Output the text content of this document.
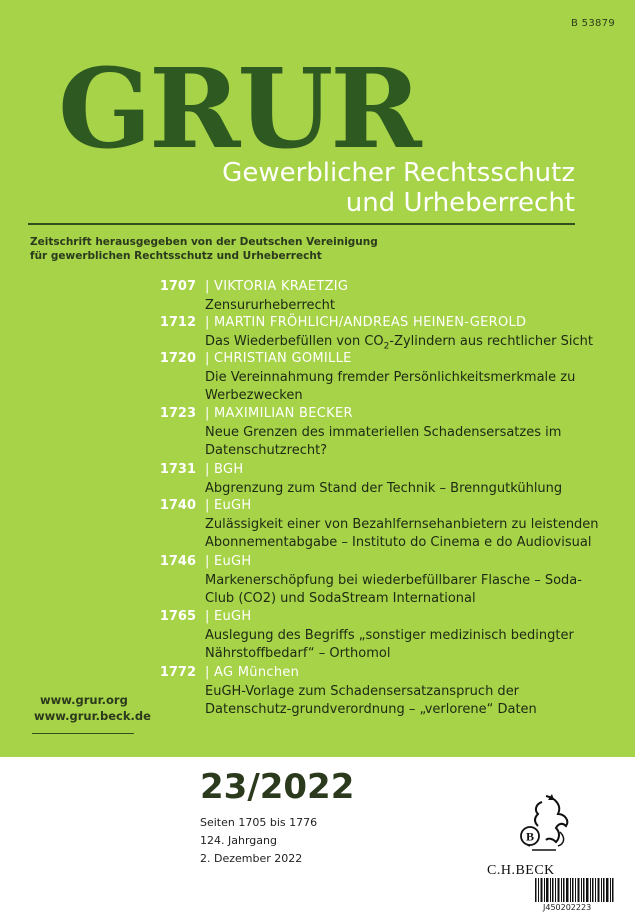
B 53879
GRUR
Gewerblicher Rechtsschutz
und Urheberrecht
Zeitschrift herausgegeben von der Deutschen Vereinigung
für gewerblichen Rechtsschutz und Urheberrecht
1707 | VIKTORIA KRAETZIG
Zensururheberrecht
1712 | MARTIN FRÖHLICH/ANDREAS HEINEN-GEROLD
Das Wiederbefüllen von $CO_2$-Zylindern aus rechtlicher Sicht
1720 | CHRISTIAN GOMILLE
Die Vereinnahmung fremder Persönlichkeitsmerkmale zu Werbezwecken
1723 | MAXIMILIAN BECKER
Neue Grenzen des immateriellen Schadensersatzes im Datenschutzrecht?
1731 | BGH
Abgrenzung zum Stand der Technik – Brenngutkühlung
1740 | EuGH
Zulässigkeit einer von Bezahlfernsehanbietern zu leistenden Abonnementabgabe – Instituto do Cinema e do Audiovisual
1746 | EuGH
Markenerschöpfung bei wiederbefüllbarer Flasche – Soda-Club (CO2) und SodaStream International
1765 | EuGH
Auslegung des Begriffs „sonstiger medizinisch bedingter Nährstoffbedarf“ – Orthomol
1772 | AG München
EuGH-Vorlage zum Schadensersatzanspruch der Datenschutz-grundverordnung – „verlorene“ Daten
www.grur.org
www.grur.beck.de
23/2022
Seiten 1705 bis 1776
124. Jahrgang
2. Dezember 2022
B
C.H.BECK
J450202223
